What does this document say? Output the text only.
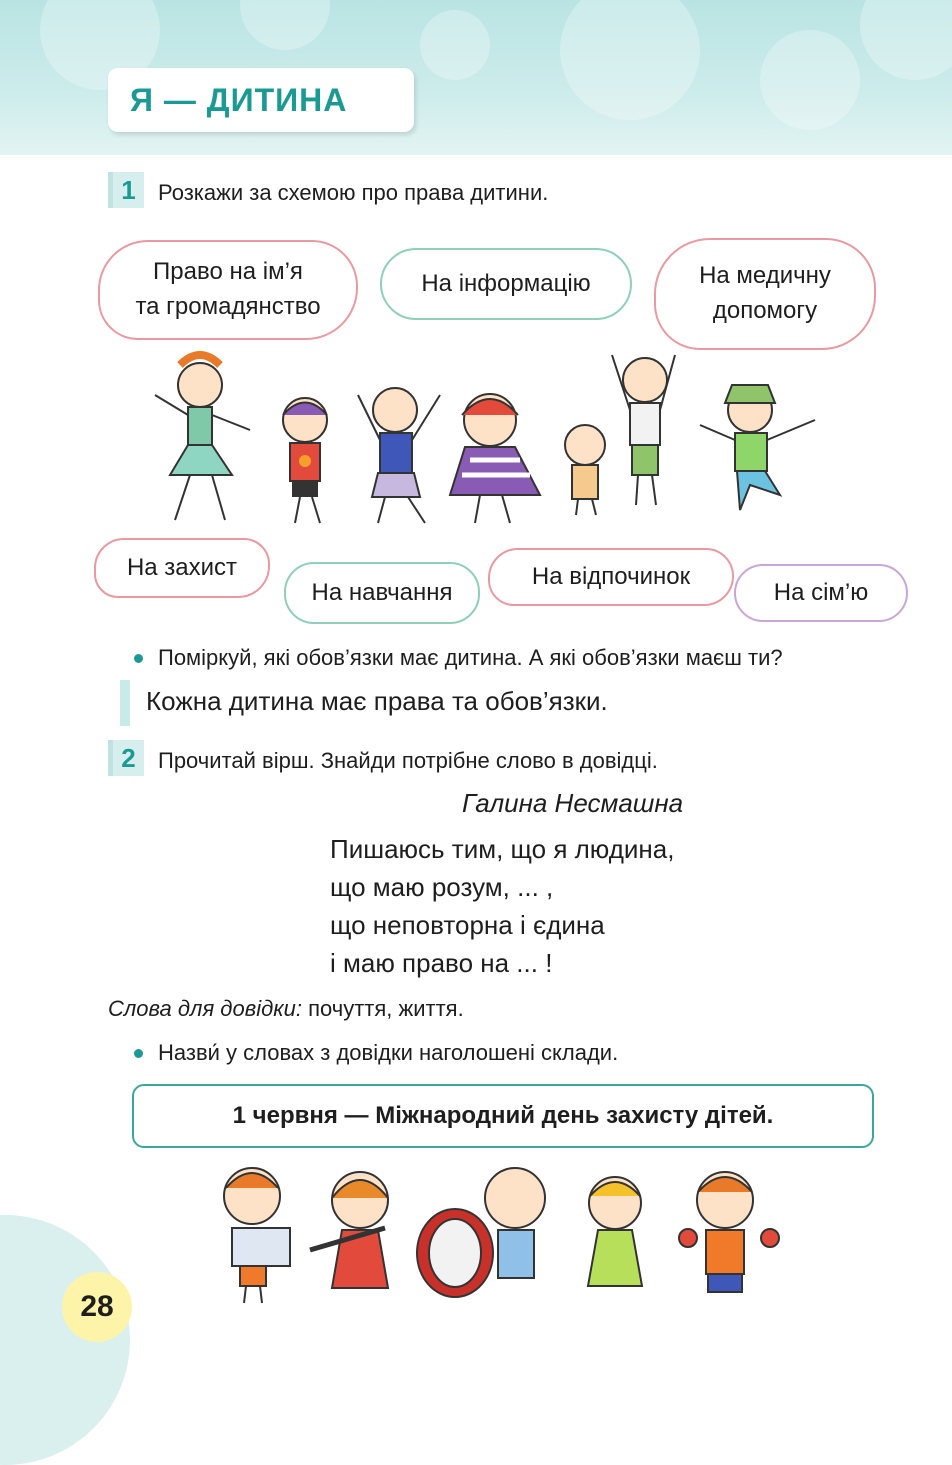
Я — ДИТИНА
1	Розкажи за схемою про права дитини.
Право на ім’я
та громадянство
На інформацію	На медичну
допомогу
На захист
На навчання
На відпочинок
На сім’ю
Поміркуй, які обов’язки має дитина. А які обов’язки маєш ти?
Кожна дитина має права та обов’язки.
2	Прочитай вірш. Знайди потрібне слово в довідці.
Галина Несмашна
Пишаюсь тим, що я людина,
що маю розум, ... ,
що неповторна і єдина
і маю право на ... !
Слова для довідки: почуття, життя.
Назви́ у словах з довідки наголошені склади.
1 червня — Міжнародний день захисту дітей.
28
